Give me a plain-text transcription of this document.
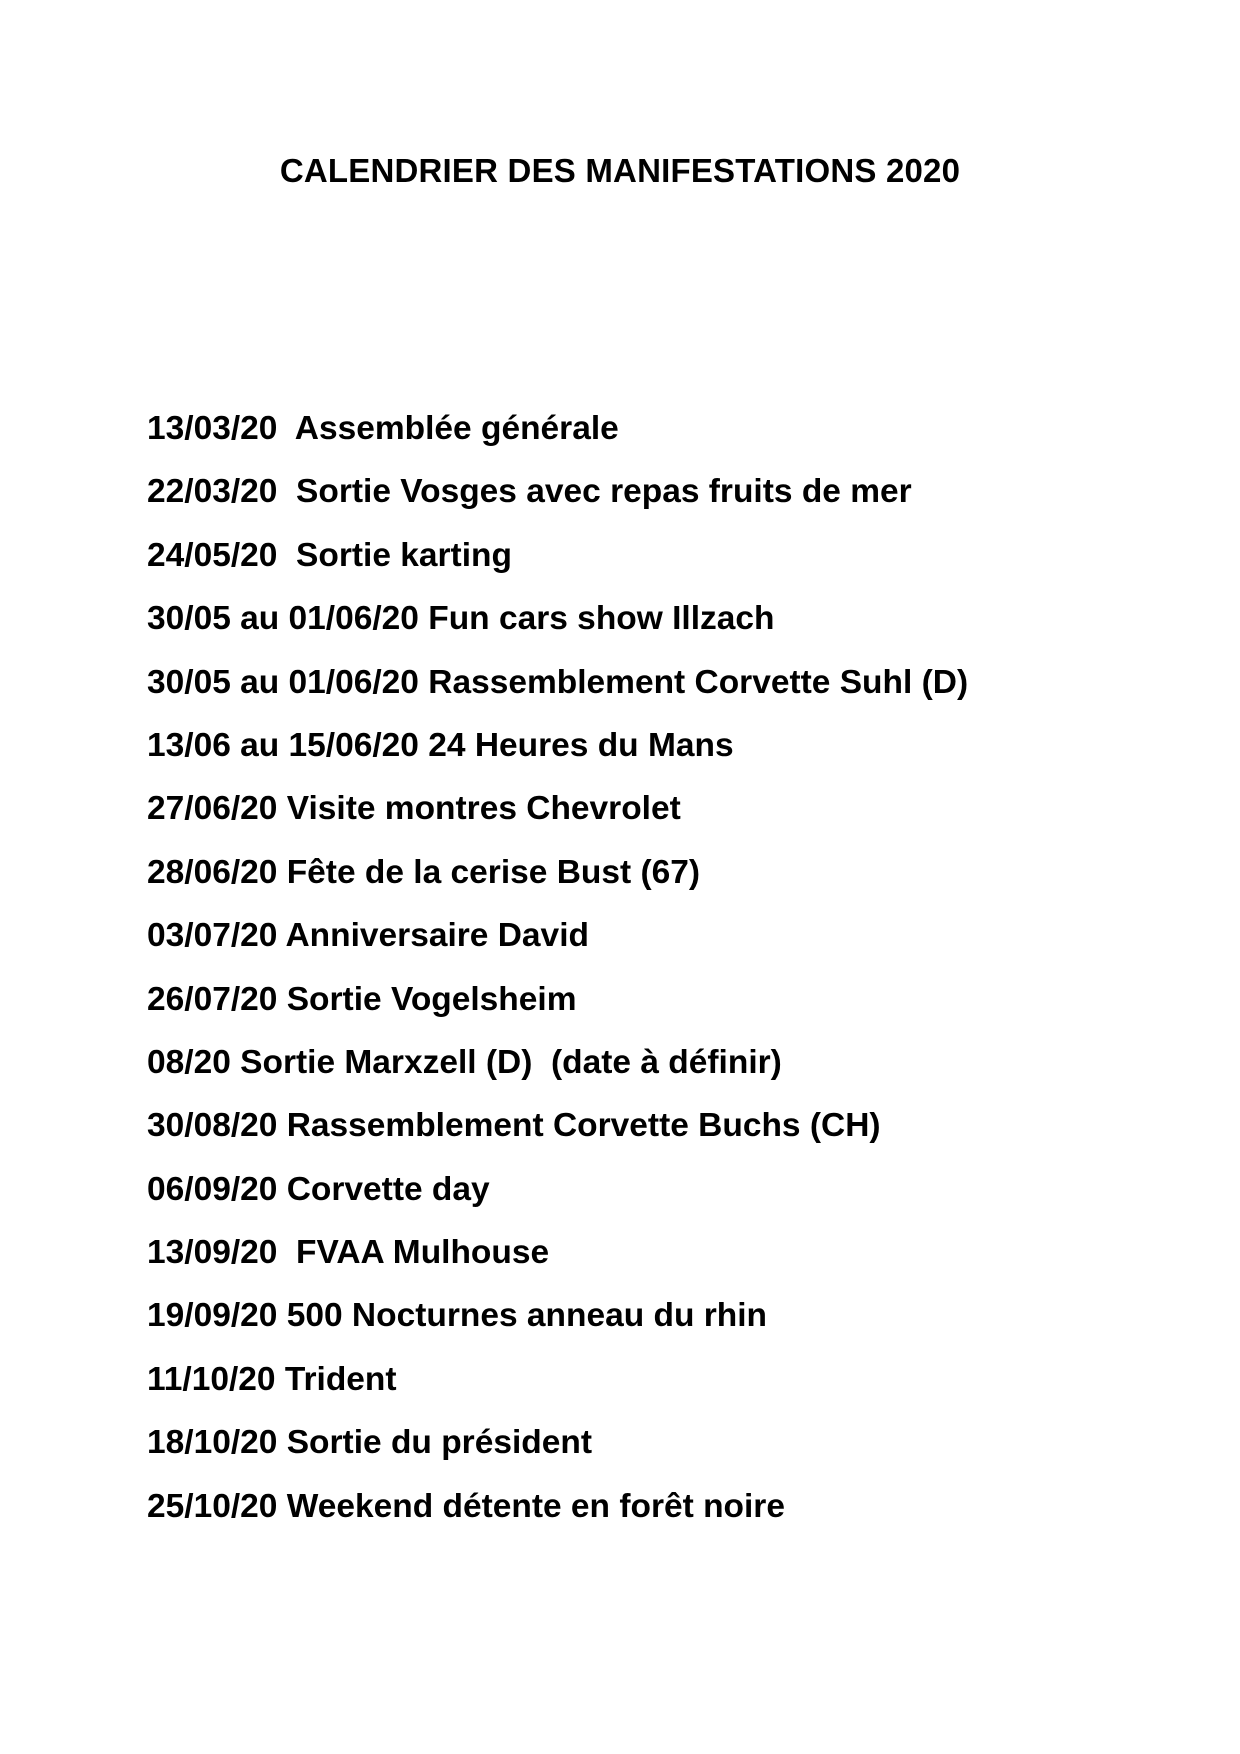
CALENDRIER DES MANIFESTATIONS 2020
13/03/20  Assemblée générale
22/03/20  Sortie Vosges avec repas fruits de mer
24/05/20  Sortie karting
30/05 au 01/06/20 Fun cars show Illzach
30/05 au 01/06/20 Rassemblement Corvette Suhl (D)
13/06 au 15/06/20 24 Heures du Mans
27/06/20 Visite montres Chevrolet
28/06/20 Fête de la cerise Bust (67)
03/07/20 Anniversaire David
26/07/20 Sortie Vogelsheim
08/20 Sortie Marxzell (D)  (date à définir)
30/08/20 Rassemblement Corvette Buchs (CH)
06/09/20 Corvette day
13/09/20  FVAA Mulhouse
19/09/20 500 Nocturnes anneau du rhin
11/10/20 Trident
18/10/20 Sortie du président
25/10/20 Weekend détente en forêt noire
